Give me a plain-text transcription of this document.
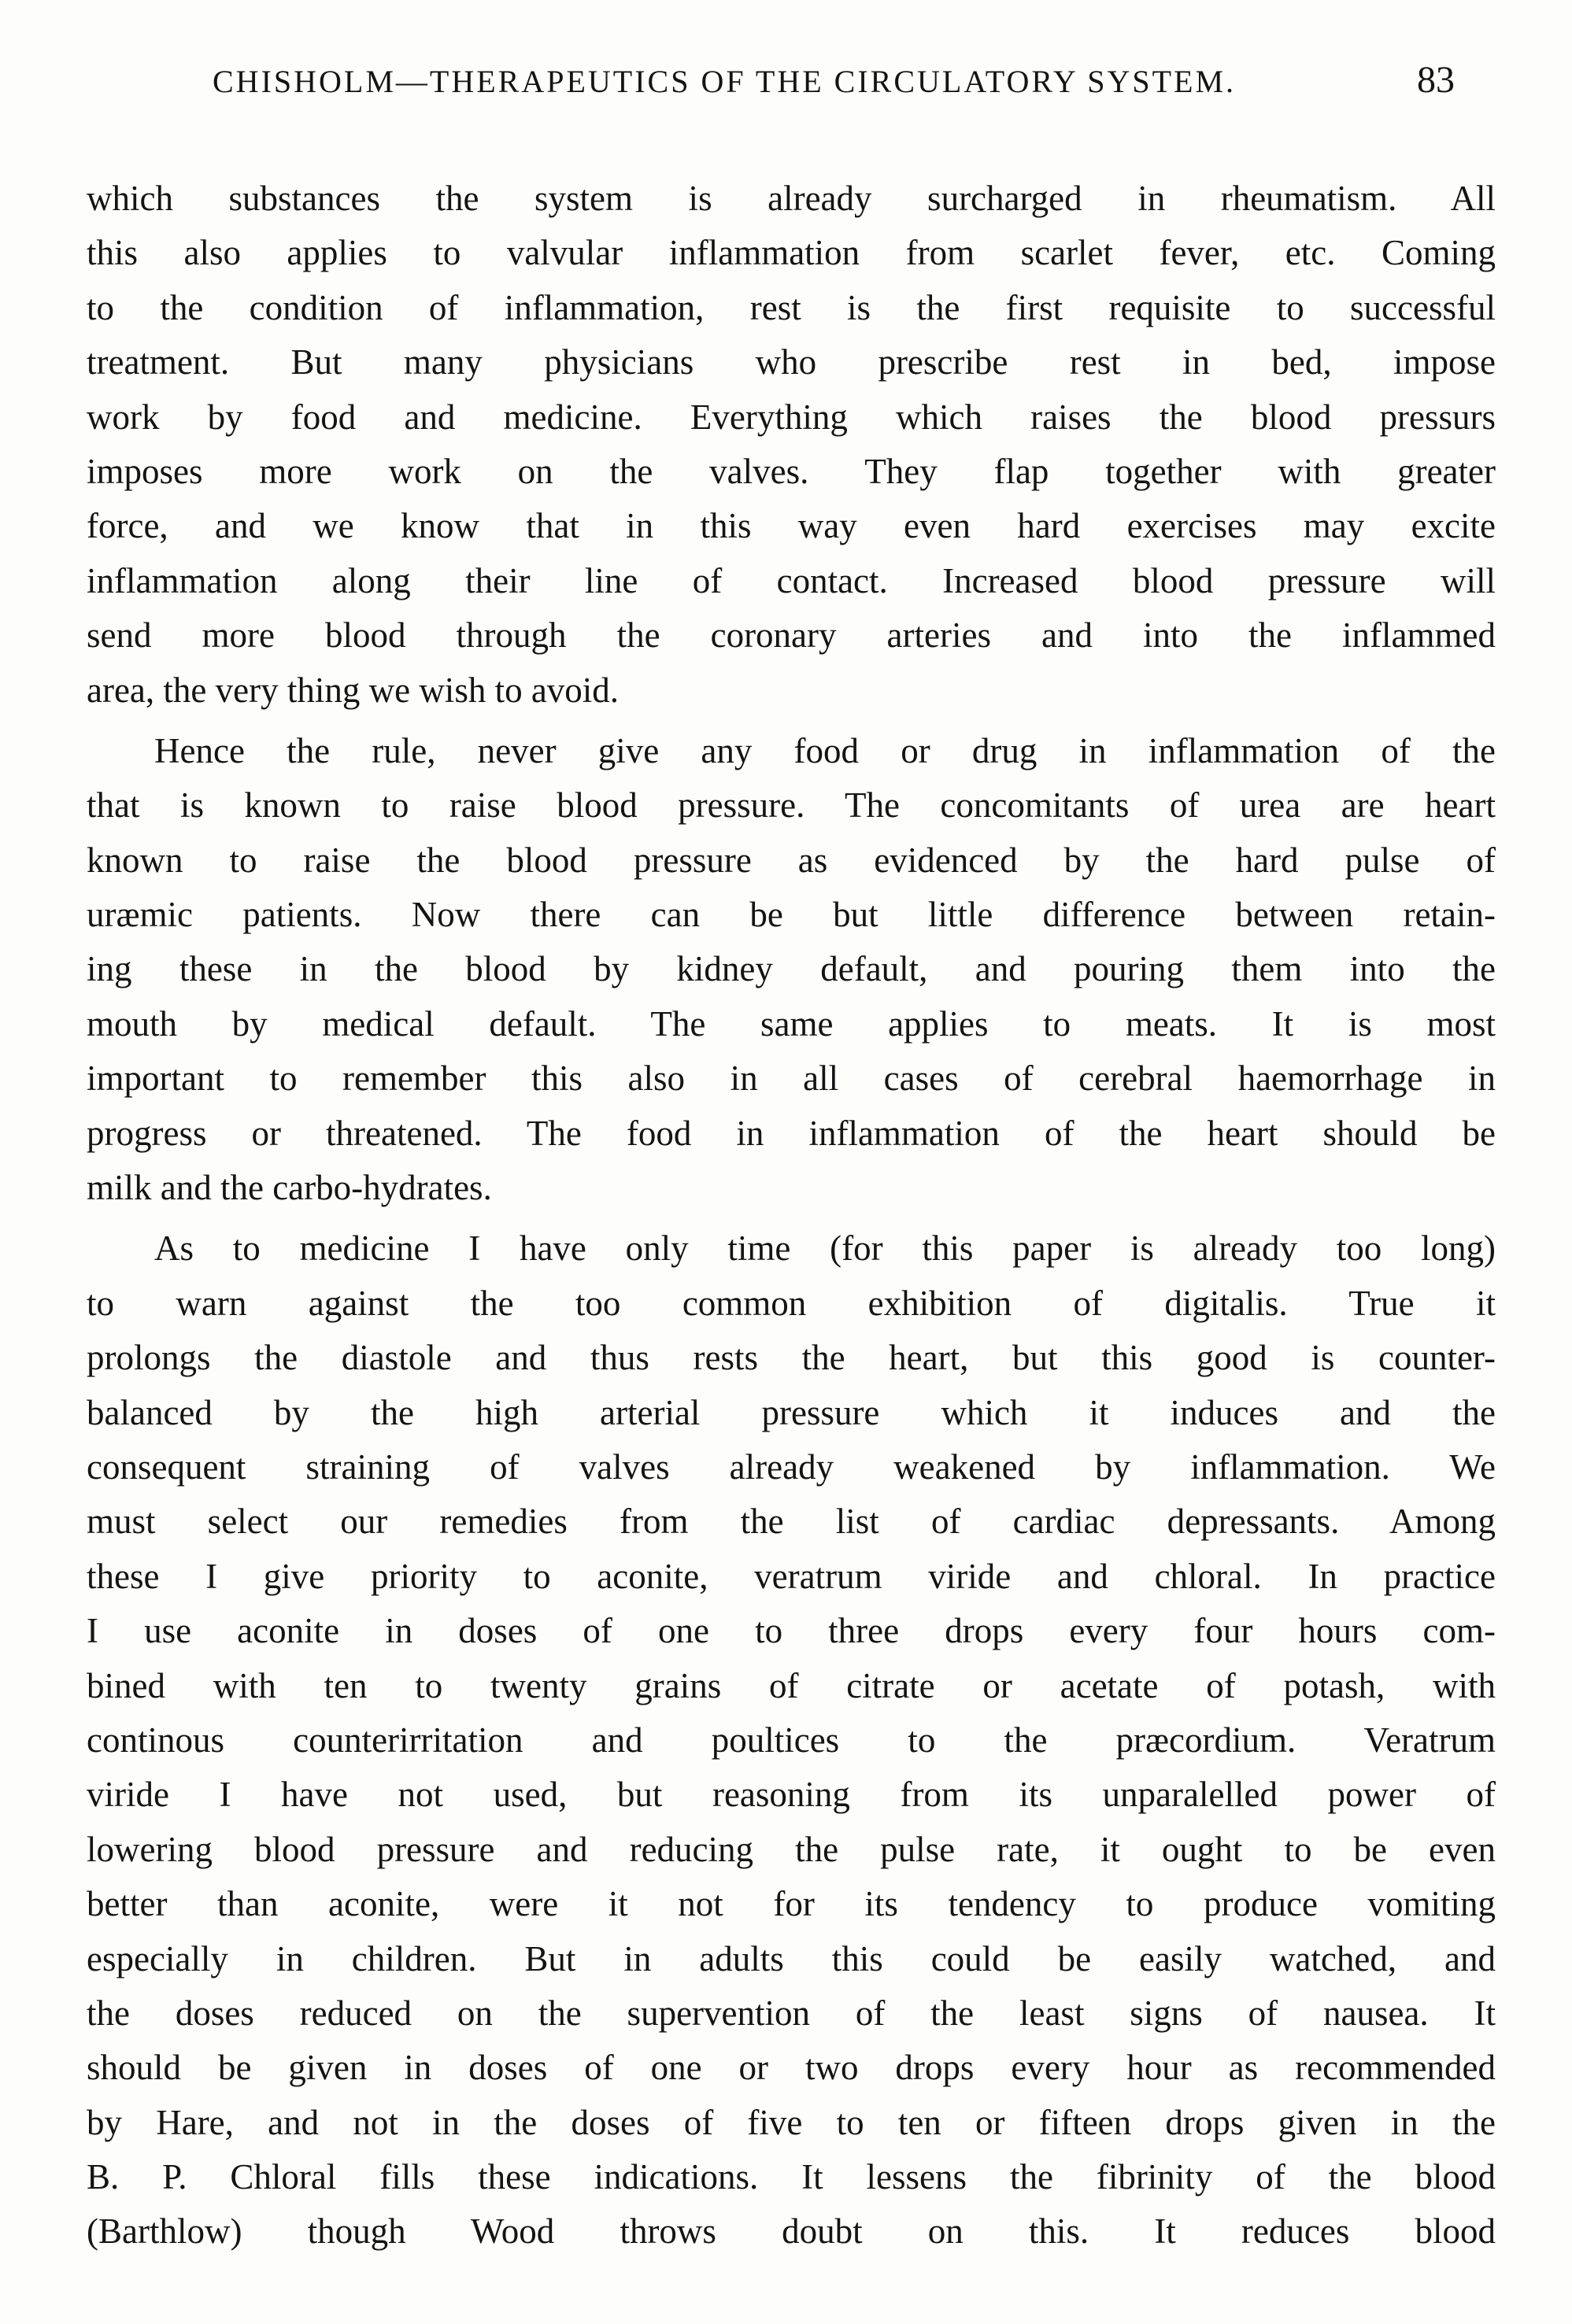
CHISHOLM—THERAPEUTICS OF THE CIRCULATORY SYSTEM.	83
which substances the system is already surcharged in rheumatism. All
this also applies to valvular inflammation from scarlet fever, etc. Coming
to the condition of inflammation, rest is the first requisite to successful
treatment. But many physicians who prescribe rest in bed, impose
work by food and medicine. Everything which raises the blood pressurs
imposes more work on the valves. They flap together with greater
force, and we know that in this way even hard exercises may excite
inflammation along their line of contact. Increased blood pressure will
send more blood through the coronary arteries and into the inflammed
area, the very thing we wish to avoid.
Hence the rule, never give any food or drug in inflammation of the
that is known to raise blood pressure. The concomitants of urea are heart
known to raise the blood pressure as evidenced by the hard pulse of
uræmic patients. Now there can be but little difference between retain-
ing these in the blood by kidney default, and pouring them into the
mouth by medical default. The same applies to meats. It is most
important to remember this also in all cases of cerebral haemorrhage in
progress or threatened. The food in inflammation of the heart should be
milk and the carbo-hydrates.
As to medicine I have only time (for this paper is already too long)
to warn against the too common exhibition of digitalis. True it
prolongs the diastole and thus rests the heart, but this good is counter-
balanced by the high arterial pressure which it induces and the
consequent straining of valves already weakened by inflammation. We
must select our remedies from the list of cardiac depressants. Among
these I give priority to aconite, veratrum viride and chloral. In practice
I use aconite in doses of one to three drops every four hours com-
bined with ten to twenty grains of citrate or acetate of potash, with
continous counterirritation and poultices to the præcordium. Veratrum
viride I have not used, but reasoning from its unparalelled power of
lowering blood pressure and reducing the pulse rate, it ought to be even
better than aconite, were it not for its tendency to produce vomiting
especially in children. But in adults this could be easily watched, and
the doses reduced on the supervention of the least signs of nausea. It
should be given in doses of one or two drops every hour as recommended
by Hare, and not in the doses of five to ten or fifteen drops given in the
B. P. Chloral fills these indications. It lessens the fibrinity of the blood
(Barthlow) though Wood throws doubt on this. It reduces blood
